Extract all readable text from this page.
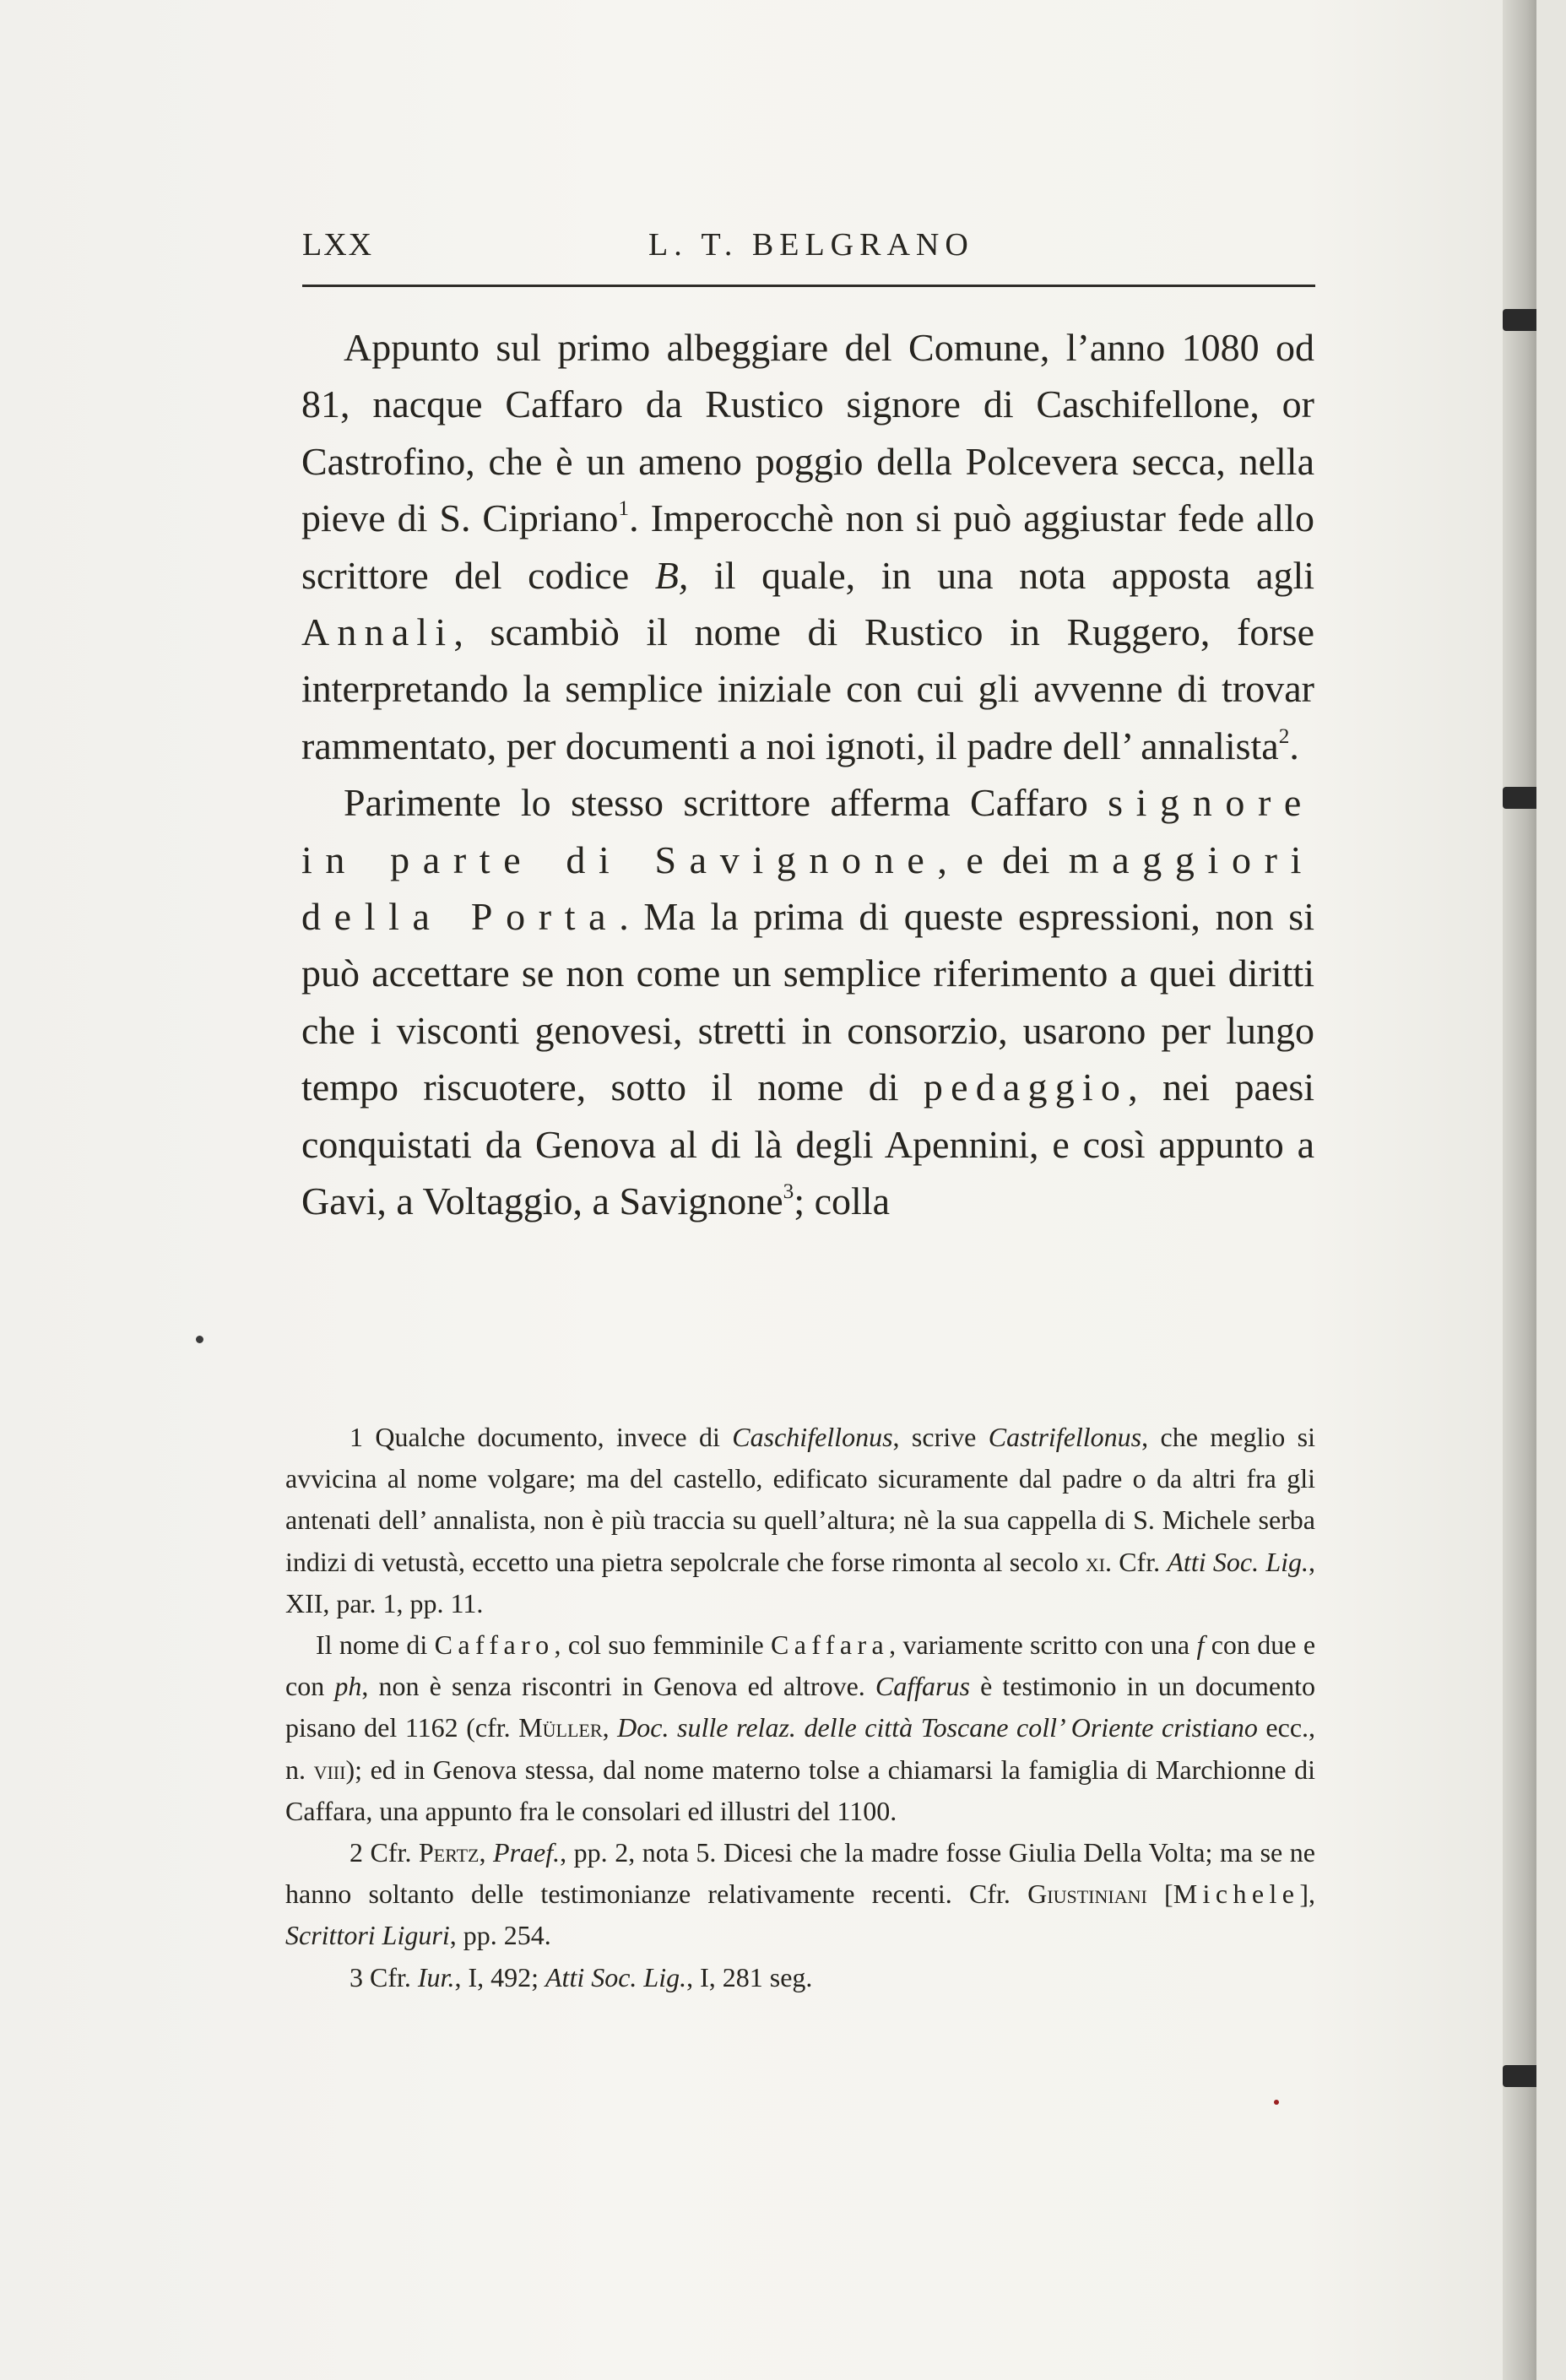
LXX	L. T. BELGRANO

Appunto sul primo albeggiare del Comune, l’anno 1080 od 81, nacque Caffaro da Rustico signore di Caschifellone, or Castrofino, che è un ameno poggio della Polcevera secca, nella pieve di S. Cipriano$^1$. Imperocchè non si può aggiustar fede allo scrittore del codice B, il quale, in una nota apposta agli Annali, scambiò il nome di Rustico in Ruggero, forse interpretando la semplice iniziale con cui gli avvenne di trovar rammentato, per documenti a noi ignoti, il padre dell’ annalista$^2$.

Parimente lo stesso scrittore afferma Caffaro signore in parte di Savignone, e dei maggiori della Porta. Ma la prima di queste espressioni, non si può accettare se non come un semplice riferimento a quei diritti che i visconti genovesi, stretti in consorzio, usarono per lungo tempo riscuotere, sotto il nome di pedaggio, nei paesi conquistati da Genova al di là degli Apennini, e così appunto a Gavi, a Voltaggio, a Savignone$^3$; colla

1 Qualche documento, invece di Caschifellonus, scrive Castrifellonus, che meglio si avvicina al nome volgare; ma del castello, edificato sicuramente dal padre o da altri fra gli antenati dell’ annalista, non è più traccia su quell’altura; nè la sua cappella di S. Michele serba indizi di vetustà, eccetto una pietra sepolcrale che forse rimonta al secolo xi. Cfr. Atti Soc. Lig., XII, par. 1, pp. 11.

Il nome di Caffaro, col suo femminile Caffara, variamente scritto con una f con due e con ph, non è senza riscontri in Genova ed altrove. Caffarus è testimonio in un documento pisano del 1162 (cfr. Müller, Doc. sulle relaz. delle città Toscane coll’ Oriente cristiano ecc., n. viii); ed in Genova stessa, dal nome materno tolse a chiamarsi la famiglia di Marchionne di Caffara, una appunto fra le consolari ed illustri del 1100.

2 Cfr. Pertz, Praef., pp. 2, nota 5. Dicesi che la madre fosse Giulia Della Volta; ma se ne hanno soltanto delle testimonianze relativamente recenti. Cfr. Giustiniani [Michele], Scrittori Liguri, pp. 254.

3 Cfr. Iur., I, 492; Atti Soc. Lig., I, 281 seg.
